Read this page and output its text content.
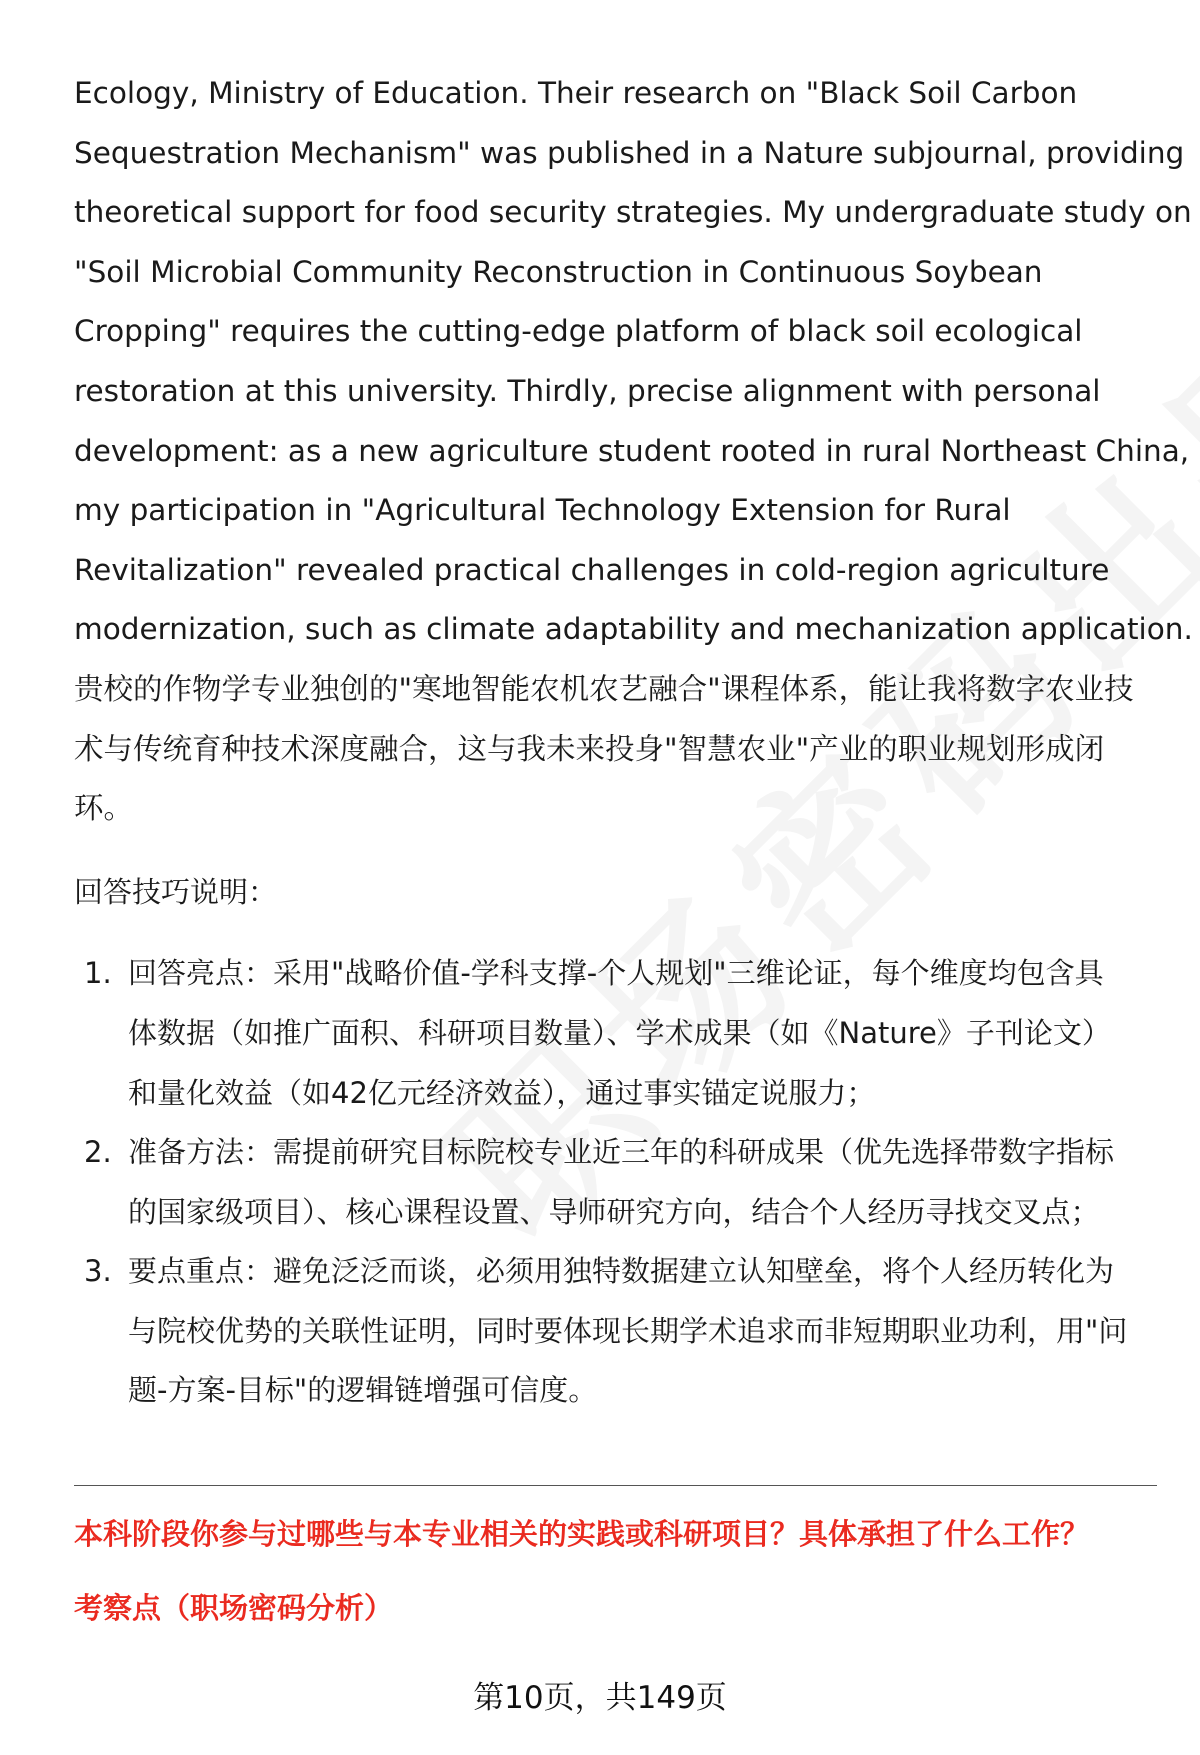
Ecology, Ministry of Education. Their research on "Black Soil Carbon
Sequestration Mechanism" was published in a Nature subjournal, providing
theoretical support for food security strategies. My undergraduate study on
"Soil Microbial Community Reconstruction in Continuous Soybean
Cropping" requires the cutting-edge platform of black soil ecological
restoration at this university. Thirdly, precise alignment with personal
development: as a new agriculture student rooted in rural Northeast China,
my participation in "Agricultural Technology Extension for Rural
Revitalization" revealed practical challenges in cold-region agriculture
modernization, such as climate adaptability and mechanization application.
贵校的作物学专业独创的"寒地智能农机农艺融合"课程体系，能让我将数字农业技
术与传统育种技术深度融合，这与我未来投身"智慧农业"产业的职业规划形成闭
环。

回答技巧说明：

1. 回答亮点：采用"战略价值-学科支撑-个人规划"三维论证，每个维度均包含具
体数据（如推广面积、科研项目数量）、学术成果（如《Nature》子刊论文）
和量化效益（如42亿元经济效益），通过事实锚定说服力；
2. 准备方法：需提前研究目标院校专业近三年的科研成果（优先选择带数字指标
的国家级项目）、核心课程设置、导师研究方向，结合个人经历寻找交叉点；
3. 要点重点：避免泛泛而谈，必须用独特数据建立认知壁垒，将个人经历转化为
与院校优势的关联性证明，同时要体现长期学术追求而非短期职业功利，用"问
题-方案-目标"的逻辑链增强可信度。
本科阶段你参与过哪些与本专业相关的实践或科研项目？具体承担了什么工作？
考察点（职场密码分析）
第10页，共149页
